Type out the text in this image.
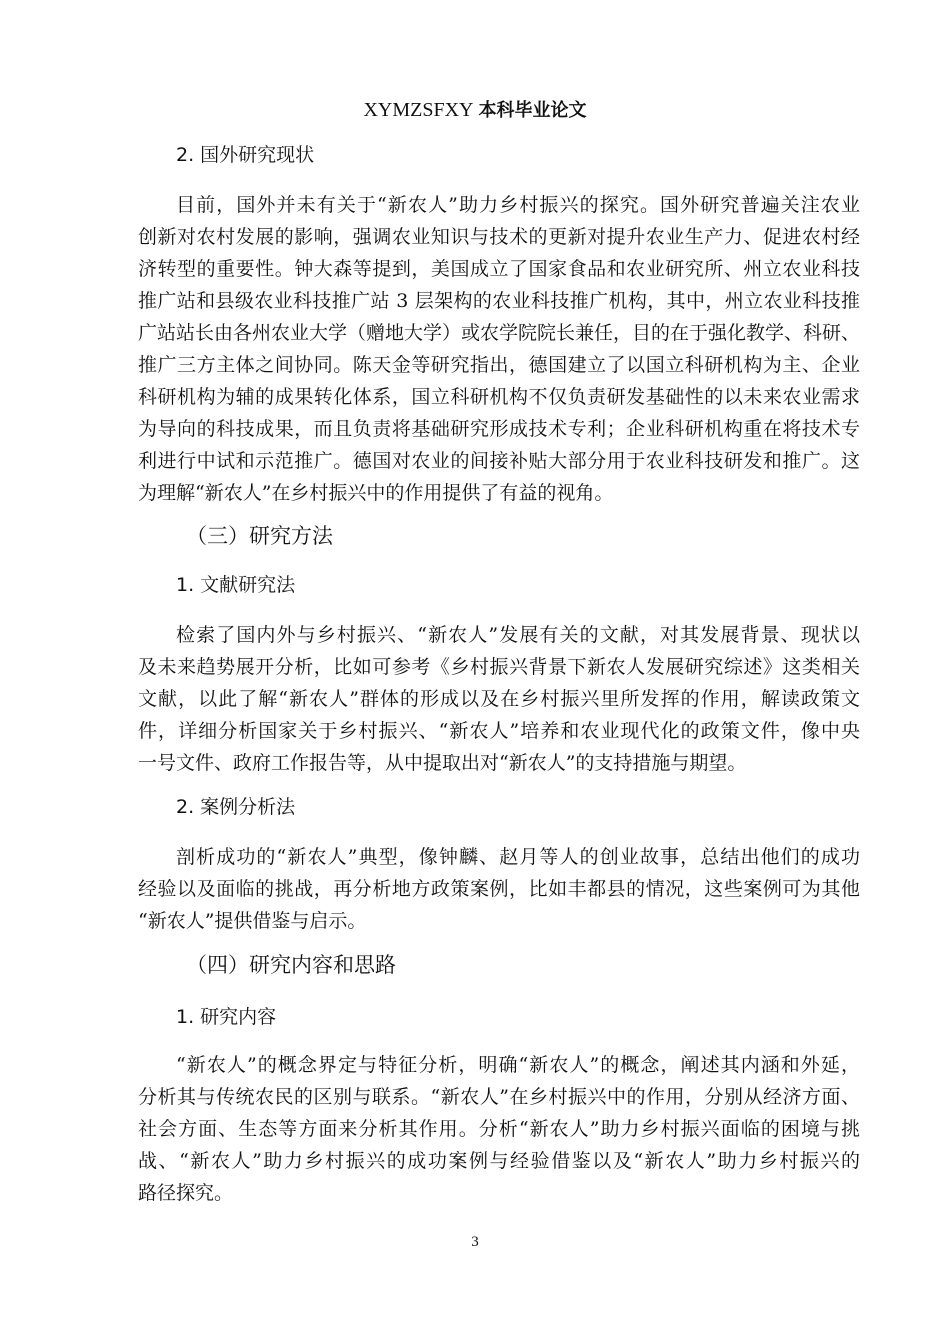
XYMZSFXY 本科毕业论文
2. 国外研究现状
目前，国外并未有关于“新农人”助力乡村振兴的探究。国外研究普遍关注农业
创新对农村发展的影响，强调农业知识与技术的更新对提升农业生产力、促进农村经
济转型的重要性。钟大森等提到，美国成立了国家食品和农业研究所、州立农业科技
推广站和县级农业科技推广站 3 层架构的农业科技推广机构，其中，州立农业科技推
广站站长由各州农业大学（赠地大学）或农学院院长兼任，目的在于强化教学、科研、
推广三方主体之间协同。陈天金等研究指出，德国建立了以国立科研机构为主、企业
科研机构为辅的成果转化体系，国立科研机构不仅负责研发基础性的以未来农业需求
为导向的科技成果，而且负责将基础研究形成技术专利；企业科研机构重在将技术专
利进行中试和示范推广。德国对农业的间接补贴大部分用于农业科技研发和推广。这
为理解“新农人”在乡村振兴中的作用提供了有益的视角。
（三）研究方法
1. 文献研究法
检索了国内外与乡村振兴、“新农人”发展有关的文献，对其发展背景、现状以
及未来趋势展开分析，比如可参考《乡村振兴背景下新农人发展研究综述》这类相关
文献，以此了解“新农人”群体的形成以及在乡村振兴里所发挥的作用，解读政策文
件，详细分析国家关于乡村振兴、“新农人”培养和农业现代化的政策文件，像中央
一号文件、政府工作报告等，从中提取出对“新农人”的支持措施与期望。
2. 案例分析法
剖析成功的“新农人”典型，像钟麟、赵月等人的创业故事，总结出他们的成功
经验以及面临的挑战，再分析地方政策案例，比如丰都县的情况，这些案例可为其他
“新农人”提供借鉴与启示。
（四）研究内容和思路
1. 研究内容
“新农人”的概念界定与特征分析，明确“新农人”的概念，阐述其内涵和外延，
分析其与传统农民的区别与联系。“新农人”在乡村振兴中的作用，分别从经济方面、
社会方面、生态等方面来分析其作用。分析“新农人”助力乡村振兴面临的困境与挑
战、“新农人”助力乡村振兴的成功案例与经验借鉴以及“新农人”助力乡村振兴的
路径探究。
3
